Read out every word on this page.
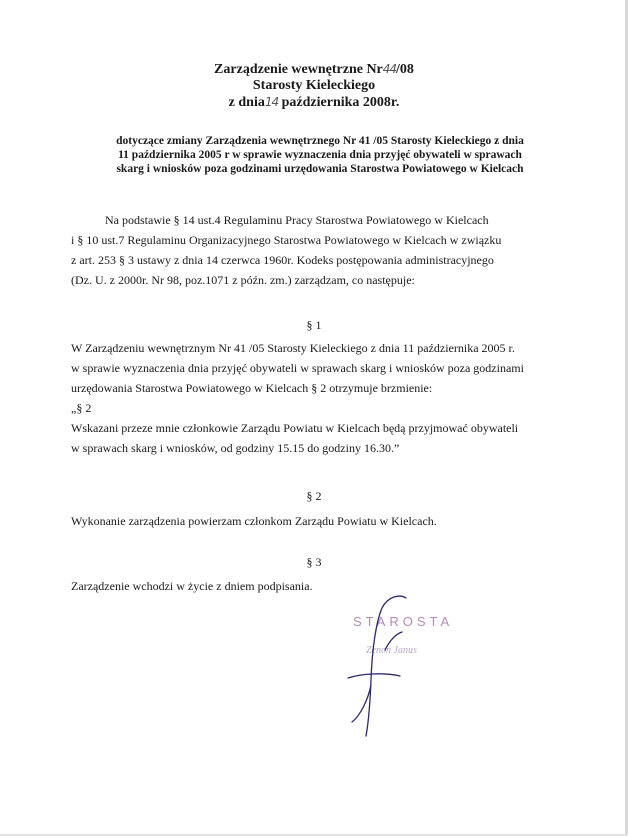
Zarządzenie wewnętrzne Nr44/08
Starosty Kieleckiego
z dnia14 października 2008r.
dotyczące zmiany Zarządzenia wewnętrznego Nr 41 /05 Starosty Kieleckiego z dnia
11 października 2005 r w sprawie wyznaczenia dnia przyjęć obywateli w sprawach
skarg i wniosków poza godzinami urzędowania Starostwa Powiatowego w Kielcach
Na podstawie § 14 ust.4 Regulaminu Pracy Starostwa Powiatowego w Kielcach
i § 10 ust.7 Regulaminu Organizacyjnego Starostwa Powiatowego w Kielcach w związku
z art. 253 § 3 ustawy z dnia 14 czerwca 1960r. Kodeks postępowania administracyjnego
(Dz. U. z 2000r. Nr 98, poz.1071 z późn. zm.) zarządzam, co następuje:
§ 1
W Zarządzeniu wewnętrznym Nr 41 /05 Starosty Kieleckiego z dnia 11 października 2005 r.
w sprawie wyznaczenia dnia przyjęć obywateli w sprawach skarg i wniosków poza godzinami
urzędowania Starostwa Powiatowego w Kielcach § 2 otrzymuje brzmienie:
„§ 2
Wskazani przeze mnie członkowie Zarządu Powiatu w Kielcach będą przyjmować obywateli
w sprawach skarg i wniosków, od godziny 15.15 do godziny 16.30.”
§ 2
Wykonanie zarządzenia powierzam członkom Zarządu Powiatu w Kielcach.
§ 3
Zarządzenie wchodzi w życie z dniem podpisania.
STAROSTA
Zenon Janus
